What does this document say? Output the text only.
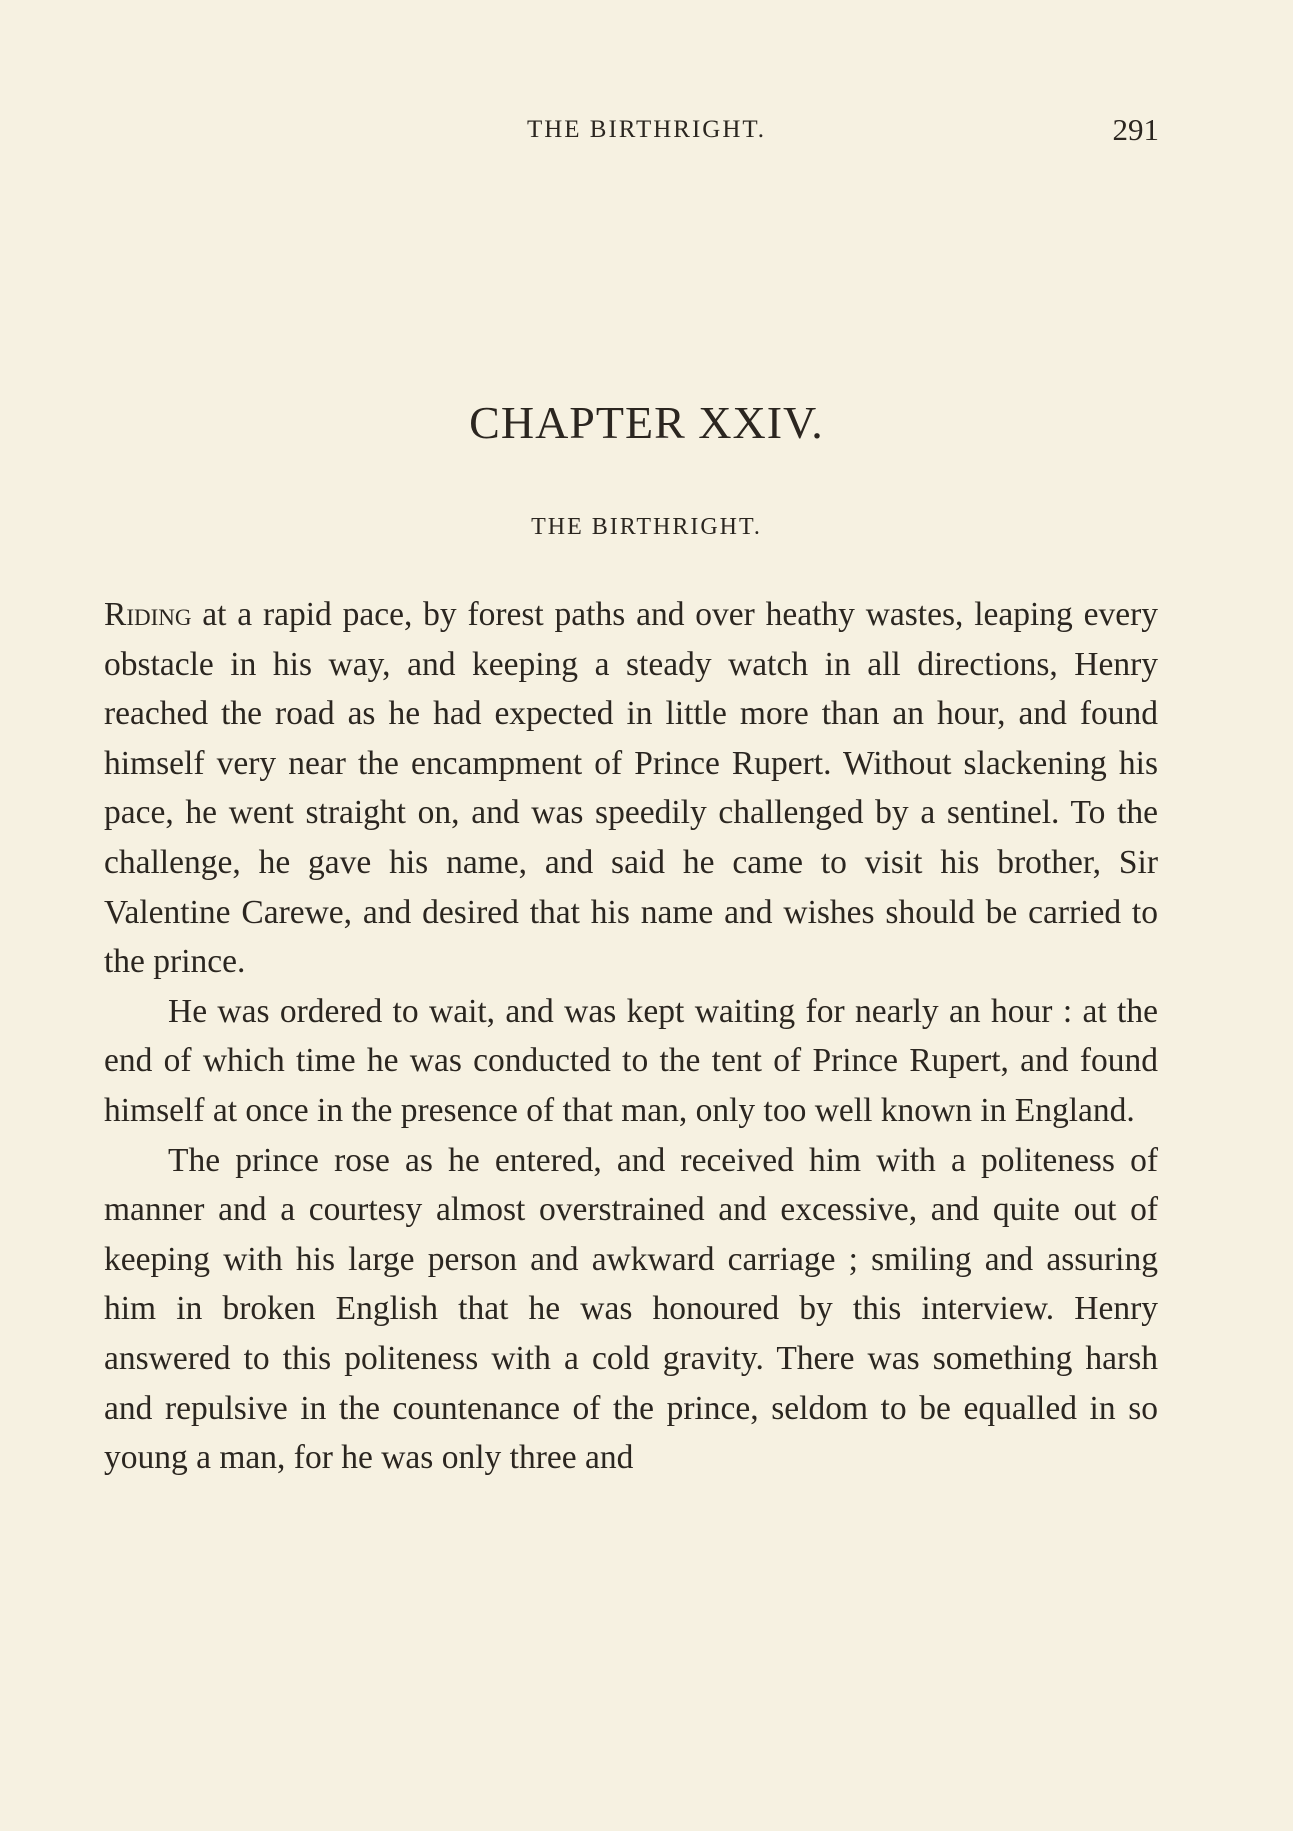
THE BIRTHRIGHT.	291
CHAPTER XXIV.
THE BIRTHRIGHT.

Riding at a rapid pace, by forest paths and over heathy wastes, leaping every obstacle in his way, and keeping a steady watch in all directions, Henry reached the road as he had expected in little more than an hour, and found himself very near the encampment of Prince Rupert. Without slackening his pace, he went straight on, and was speedily challenged by a sentinel. To the challenge, he gave his name, and said he came to visit his brother, Sir Valentine Carewe, and desired that his name and wishes should be carried to the prince.

He was ordered to wait, and was kept waiting for nearly an hour : at the end of which time he was conducted to the tent of Prince Rupert, and found himself at once in the presence of that man, only too well known in England.

The prince rose as he entered, and received him with a politeness of manner and a courtesy almost overstrained and excessive, and quite out of keeping with his large person and awkward carriage ; smiling and assuring him in broken English that he was honoured by this interview. Henry answered to this politeness with a cold gravity. There was something harsh and repulsive in the countenance of the prince, seldom to be equalled in so young a man, for he was only three and
